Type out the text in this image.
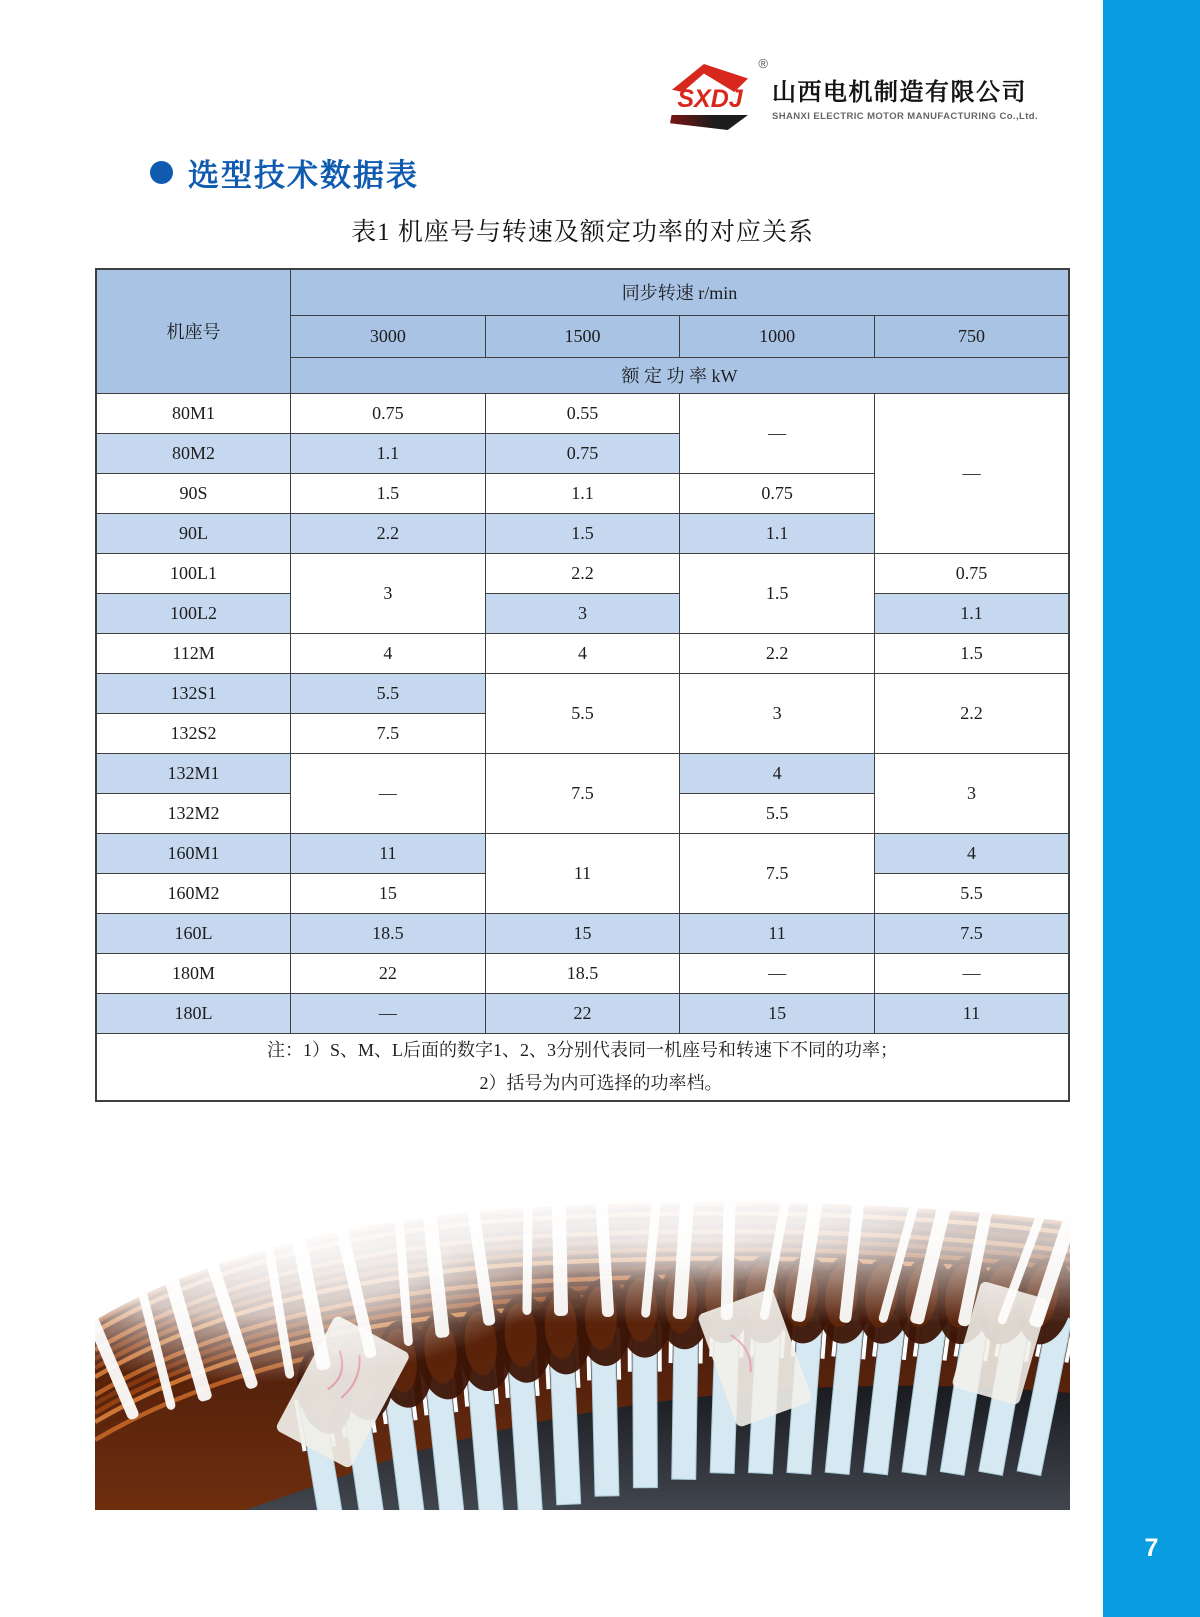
7
SXDJ
®
山西电机制造有限公司
SHANXI ELECTRIC MOTOR MANUFACTURING Co.,Ltd.
选型技术数据表
表1 机座号与转速及额定功率的对应关系
机座号	同步转速 r/min			
	3000	1500	1000	750
	额 定 功 率 kW			
80M1	0.75	0.55	—	—
80M2	1.1	0.75		
90S	1.5	1.1	0.75	
90L	2.2	1.5	1.1	
100L1	3	2.2	1.5	0.75
100L2		3		1.1
112M	4	4	2.2	1.5
132S1	5.5	5.5	3	2.2
132S2	7.5			
132M1	—	7.5	4	3
132M2			5.5	
160M1	11	11	7.5	4
160M2	15			5.5
160L	18.5	15	11	7.5
180M	22	18.5	—	—
180L	—	22	15	11

注：1）S、M、L后面的数字1、2、3分别代表同一机座号和转速下不同的功率；
2）括号为内可选择的功率档。				
